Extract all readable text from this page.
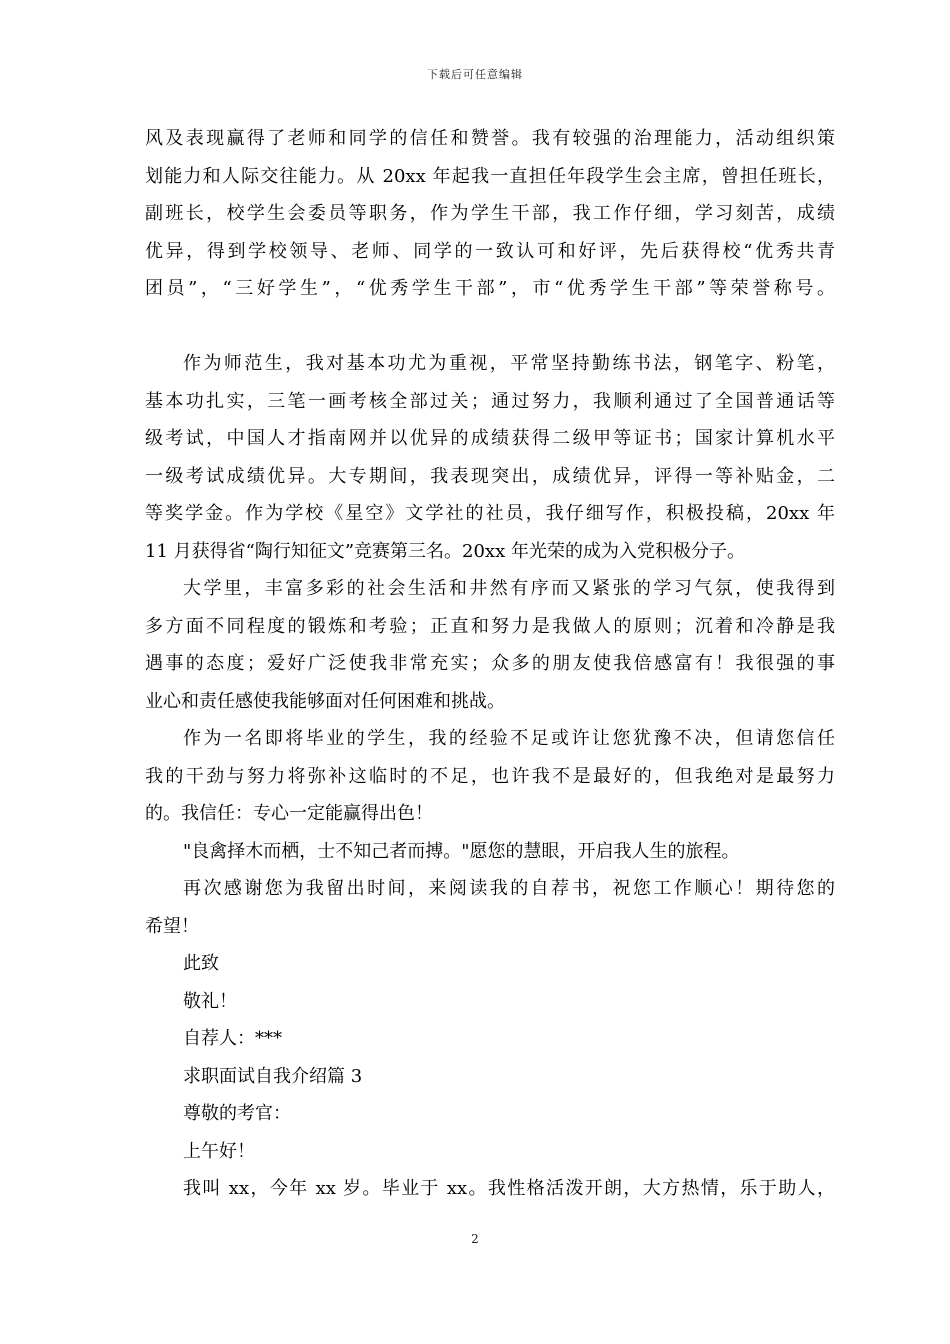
下载后可任意编辑
风及表现赢得了老师和同学的信任和赞誉。我有较强的治理能力，活动组织策
划能力和人际交往能力。从 20xx 年起我一直担任年段学生会主席，曾担任班长，
副班长，校学生会委员等职务，作为学生干部，我工作仔细，学习刻苦，成绩
优异，得到学校领导、老师、同学的一致认可和好评，先后获得校“优秀共青
团员”，“三好学生”，“优秀学生干部”，市“优秀学生干部”等荣誉称号。
作为师范生，我对基本功尤为重视，平常坚持勤练书法，钢笔字、粉笔，
基本功扎实，三笔一画考核全部过关；通过努力，我顺利通过了全国普通话等
级考试，中国人才指南网并以优异的成绩获得二级甲等证书；国家计算机水平
一级考试成绩优异。大专期间，我表现突出，成绩优异，评得一等补贴金，二
等奖学金。作为学校《星空》文学社的社员，我仔细写作，积极投稿，20xx 年
11 月获得省“陶行知征文”竞赛第三名。20xx 年光荣的成为入党积极分子。
大学里，丰富多彩的社会生活和井然有序而又紧张的学习气氛，使我得到
多方面不同程度的锻炼和考验；正直和努力是我做人的原则；沉着和冷静是我
遇事的态度；爱好广泛使我非常充实；众多的朋友使我倍感富有！我很强的事
业心和责任感使我能够面对任何困难和挑战。
作为一名即将毕业的学生，我的经验不足或许让您犹豫不决，但请您信任
我的干劲与努力将弥补这临时的不足，也许我不是最好的，但我绝对是最努力
的。我信任：专心一定能赢得出色！
"良禽择木而栖，士不知己者而搏。"愿您的慧眼，开启我人生的旅程。
再次感谢您为我留出时间，来阅读我的自荐书，祝您工作顺心！期待您的
希望！
此致
敬礼！
自荐人：***
求职面试自我介绍篇 3
尊敬的考官：
上午好！
我叫 xx，今年 xx 岁。毕业于 xx。我性格活泼开朗，大方热情，乐于助人，
2
